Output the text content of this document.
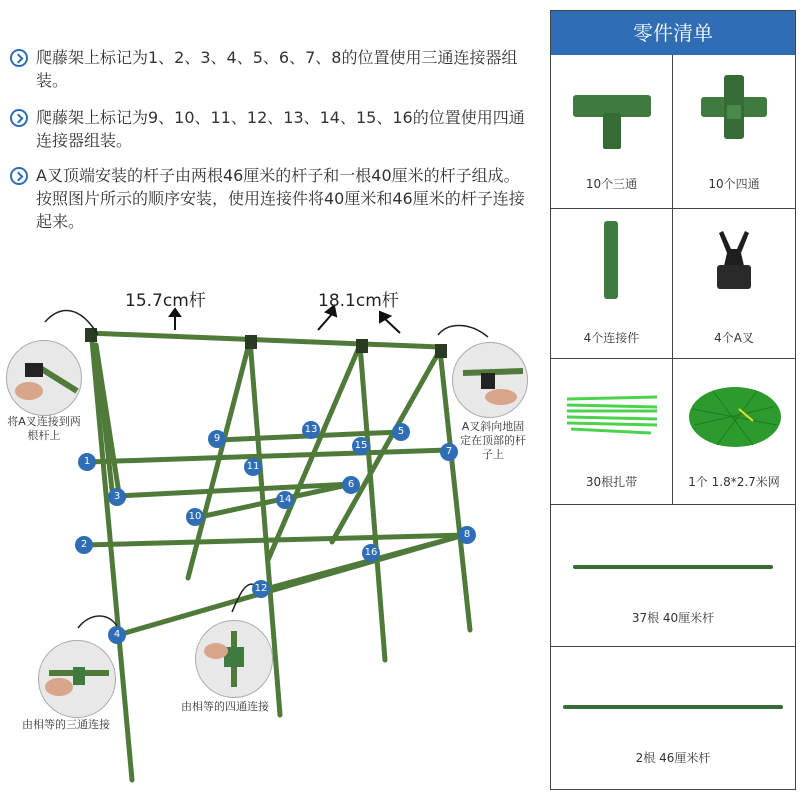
爬藤架上标记为1、2、3、4、5、6、7、8的位置使用三通连接器组装。
爬藤架上标记为9、10、11、12、13、14、15、16的位置使用四通连接器组装。
A叉顶端安装的杆子由两根46厘米的杆子和一根40厘米的杆子组成。按照图片所示的顺序安装，使用连接件将40厘米和46厘米的杆子连接起来。
15.7cm杆	18.1cm杆
将A叉连接到两根杆上
A叉斜向地固定在顶部的杆子上
由相等的三通连接
由相等的四通连接
1
2
3
4
5
6
7
8
9
10
11
12
13
14
15
16
零件清单
10个三通	10个四通
4个连接件	4个A叉
30根扎带	1个 1.8*2.7米网
37根 40厘米杆
2根 46厘米杆
